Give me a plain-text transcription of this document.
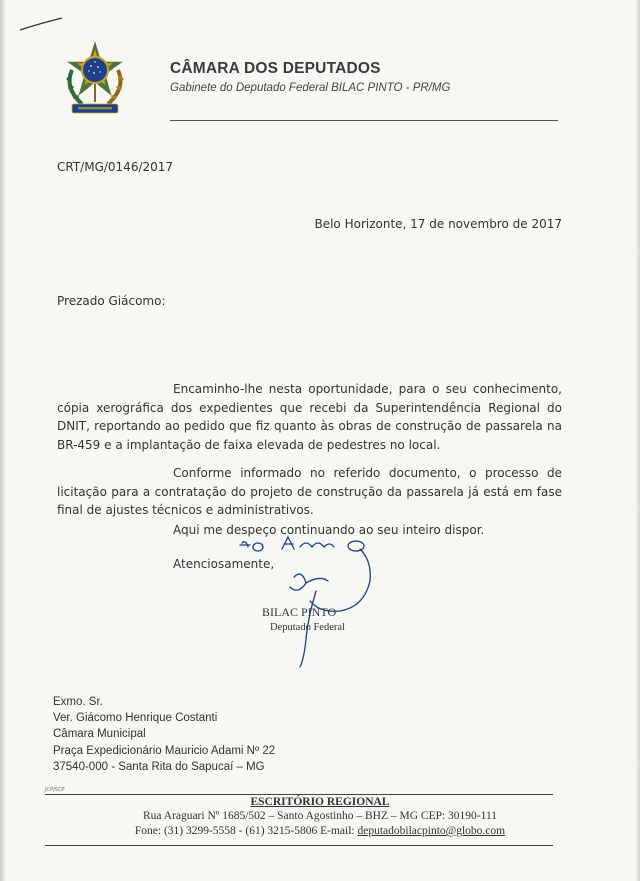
CÂMARA DOS DEPUTADOS
Gabinete do Deputado Federal BILAC PINTO - PR/MG
CRT/MG/0146/2017
Belo Horizonte, 17 de novembro de 2017
Prezado Giácomo:

Encaminho-lhe nesta oportunidade, para o seu conhecimento, cópia xerográfica dos expedientes que recebi da Superintendência Regional do DNIT, reportando ao pedido que fiz quanto às obras de construção de passarela na BR-459 e a implantação de faixa elevada de pedestres no local.

Conforme informado no referido documento, o processo de licitação para a contratação do projeto de construção da passarela já está em fase final de ajustes técnicos e administrativos.

Aqui me despeço continuando ao seu inteiro dispor.

Atenciosamente,
BILAC PINTO
Deputado Federal
Exmo. Sr.
Ver. Giácomo Henrique Costanti
Câmara Municipal
Praça Expedicionário Mauricio Adami Nº 22
37540-000 - Santa Rita do Sapucaí – MG
JCP/SCP
ESCRITÓRIO REGIONAL
Rua Araguari Nº 1685/502 – Santo Agostinho – BHZ – MG CEP: 30190-111
Fone: (31) 3299-5558 - (61) 3215-5806 E-mail: deputadobilacpinto@globo.com
